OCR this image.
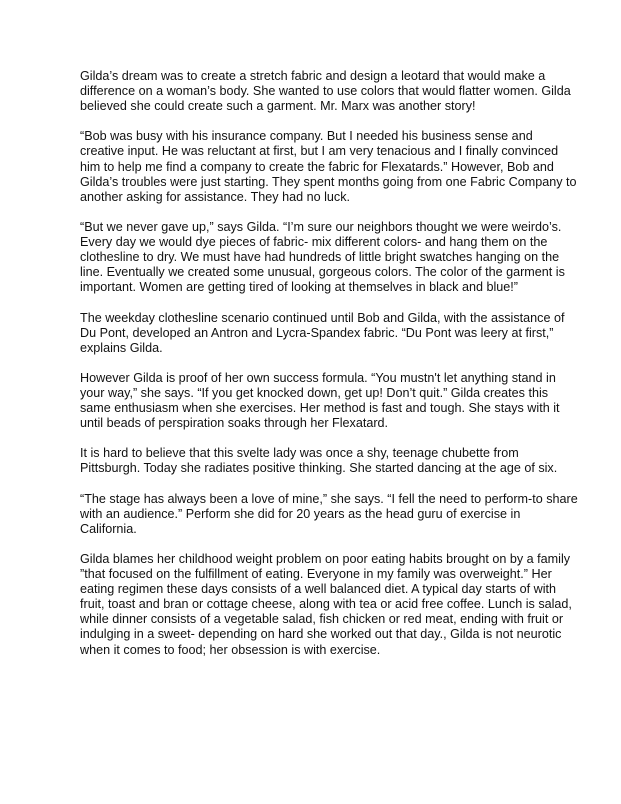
Gilda’s dream was to create a stretch fabric and design a leotard that would make a difference on a woman’s body. She wanted to use colors that would flatter women. Gilda believed she could create such a garment. Mr. Marx was another story!

“Bob was busy with his insurance company. But I needed his business sense and creative input. He was reluctant at first, but I am very tenacious and I finally convinced him to help me find a company to create the fabric for Flexatards.” However, Bob and Gilda’s troubles were just starting. They spent months going from one Fabric Company to another asking for assistance. They had no luck.

“But we never gave up,” says Gilda. “I’m sure our neighbors thought we were weirdo’s. Every day we would dye pieces of fabric- mix different colors- and hang them on the clothesline to dry. We must have had hundreds of little bright swatches hanging on the line. Eventually we created some unusual, gorgeous colors. The color of the garment is important. Women are getting tired of looking at themselves in black and blue!”

The weekday clothesline scenario continued until Bob and Gilda, with the assistance of Du Pont, developed an Antron and Lycra-Spandex fabric. “Du Pont was leery at first,” explains Gilda.

However Gilda is proof of her own success formula. “You mustn't let anything stand in your way,” she says. “If you get knocked down, get up! Don’t quit.” Gilda creates this same enthusiasm when she exercises. Her method is fast and tough. She stays with it until beads of perspiration soaks through her Flexatard.

It is hard to believe that this svelte lady was once a shy, teenage chubette from Pittsburgh. Today she radiates positive thinking. She started dancing at the age of six.

“The stage has always been a love of mine,” she says. “I fell the need to perform-to share with an audience.” Perform she did for 20 years as the head guru of exercise in California.

Gilda blames her childhood weight problem on poor eating habits brought on by a family ”that focused on the fulfillment of eating. Everyone in my family was overweight.” Her eating regimen these days consists of a well balanced diet. A typical day starts of with fruit, toast and bran or cottage cheese, along with tea or acid free coffee. Lunch is salad, while dinner consists of a vegetable salad, fish chicken or red meat, ending with fruit or indulging in a sweet- depending on hard she worked out that day., Gilda is not neurotic when it comes to food; her obsession is with exercise.
